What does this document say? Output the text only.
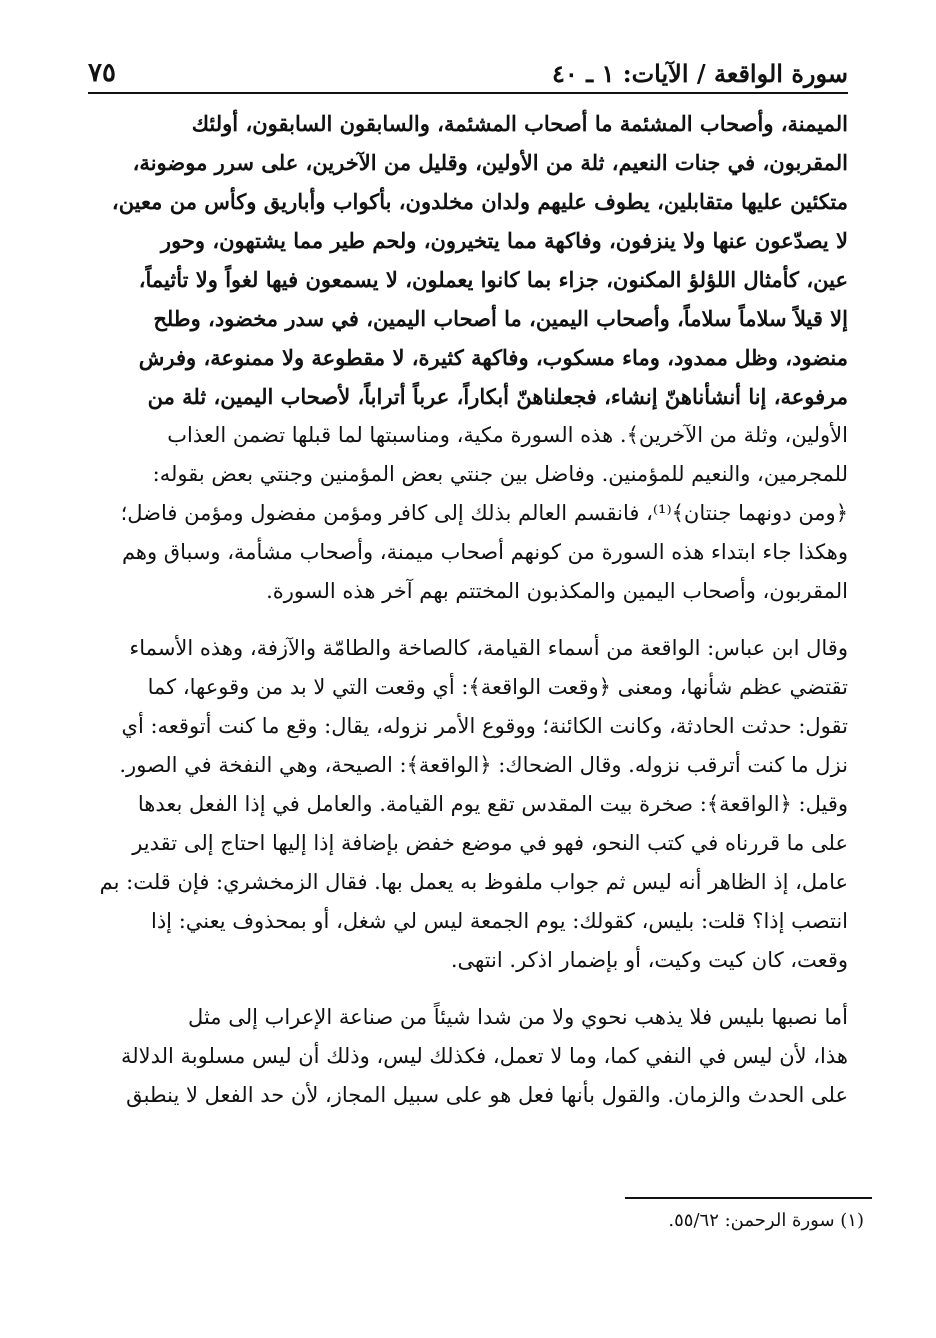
٧٥	سورة الواقعة / الآيات: ١ ـ ٤٠

الميمنة، وأصحاب المشئمة ما أصحاب المشئمة، والسابقون السابقون، أولئك

المقربون، في جنات النعيم، ثلة من الأولين، وقليل من الآخرين، على سرر موضونة،

متكئين عليها متقابلين، يطوف عليهم ولدان مخلدون، بأكواب وأباريق وكأس من معين،

لا يصدّعون عنها ولا ينزفون، وفاكهة مما يتخيرون، ولحم طير مما يشتهون، وحور

عين، كأمثال اللؤلؤ المكنون، جزاء بما كانوا يعملون، لا يسمعون فيها لغواً ولا تأثيماً،

إلا قيلاً سلاماً سلاماً، وأصحاب اليمين، ما أصحاب اليمين، في سدر مخضود، وطلح

منضود، وظل ممدود، وماء مسكوب، وفاكهة كثيرة، لا مقطوعة ولا ممنوعة، وفرش

مرفوعة، إنا أنشأناهنّ إنشاء، فجعلناهنّ أبكاراً، عرباً أتراباً، لأصحاب اليمين، ثلة من

الأولين، وثلة من الآخرين﴾. هذه السورة مكية، ومناسبتها لما قبلها تضمن العذاب

للمجرمين، والنعيم للمؤمنين. وفاضل بين جنتي بعض المؤمنين وجنتي بعض بقوله:

﴿ومن دونهما جنتان﴾⁽¹⁾، فانقسم العالم بذلك إلى كافر ومؤمن مفضول ومؤمن فاضل؛

وهكذا جاء ابتداء هذه السورة من كونهم أصحاب ميمنة، وأصحاب مشأمة، وسباق وهم

المقربون، وأصحاب اليمين والمكذبون المختتم بهم آخر هذه السورة.

وقال ابن عباس: الواقعة من أسماء القيامة، كالصاخة والطامّة والآزفة، وهذه الأسماء

تقتضي عظم شأنها، ومعنى ﴿وقعت الواقعة﴾: أي وقعت التي لا بد من وقوعها، كما

تقول: حدثت الحادثة، وكانت الكائنة؛ ووقوع الأمر نزوله، يقال: وقع ما كنت أتوقعه: أي

نزل ما كنت أترقب نزوله. وقال الضحاك: ﴿الواقعة﴾: الصيحة، وهي النفخة في الصور.

وقيل: ﴿الواقعة﴾: صخرة بيت المقدس تقع يوم القيامة. والعامل في إذا الفعل بعدها

على ما قررناه في كتب النحو، فهو في موضع خفض بإضافة إذا إليها احتاج إلى تقدير

عامل، إذ الظاهر أنه ليس ثم جواب ملفوظ به يعمل بها. فقال الزمخشري: فإن قلت: بم

انتصب إذا؟ قلت: بليس، كقولك: يوم الجمعة ليس لي شغل، أو بمحذوف يعني: إذا

وقعت، كان كيت وكيت، أو بإضمار اذكر. انتهى.

أما نصبها بليس فلا يذهب نحوي ولا من شدا شيئاً من صناعة الإعراب إلى مثل

هذا، لأن ليس في النفي كما، وما لا تعمل، فكذلك ليس، وذلك أن ليس مسلوبة الدلالة

على الحدث والزمان. والقول بأنها فعل هو على سبيل المجاز، لأن حد الفعل لا ينطبق

(١) سورة الرحمن: ٥٥/٦٢.
